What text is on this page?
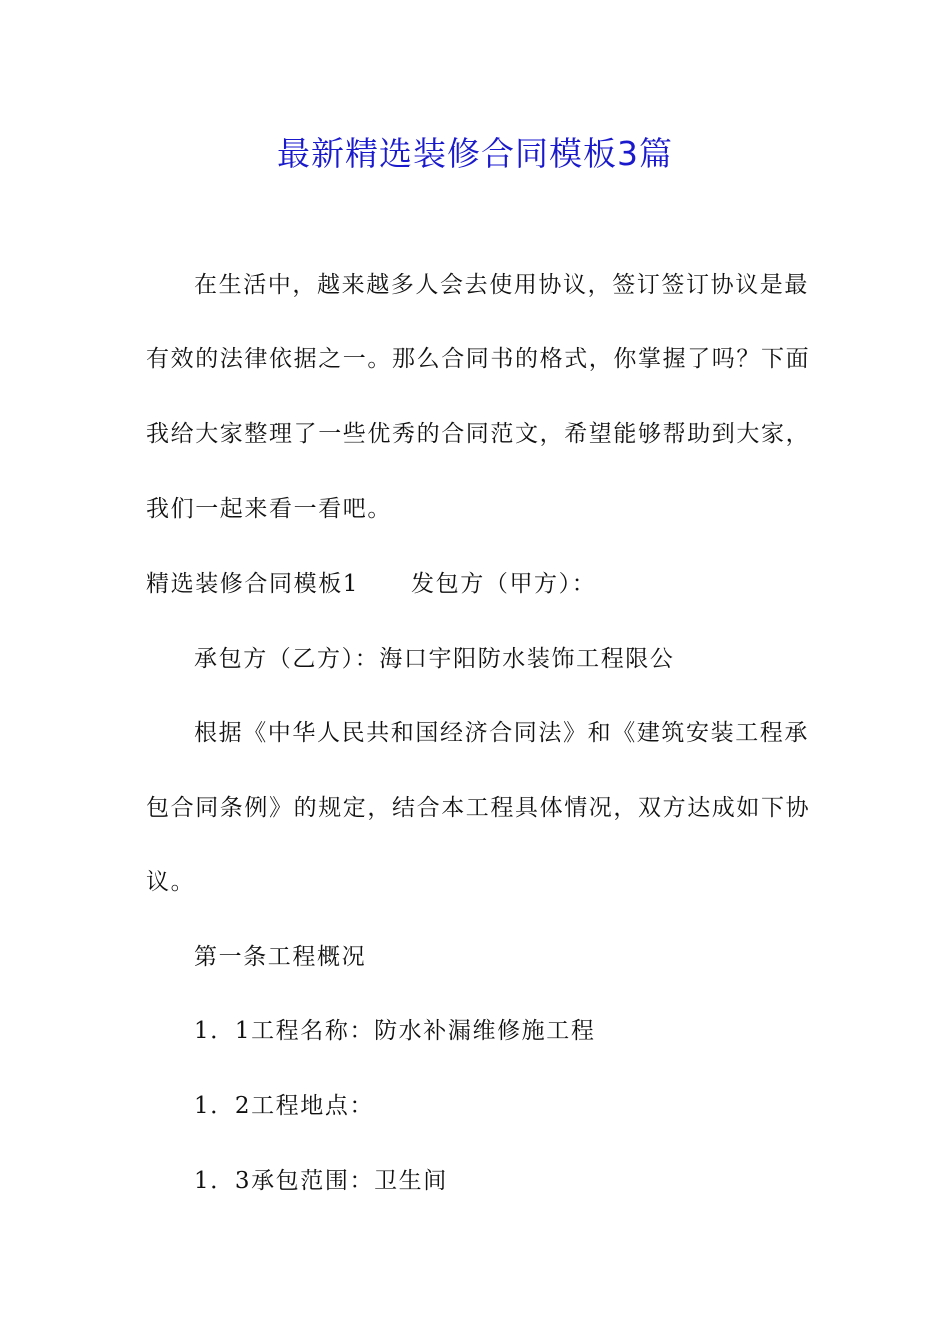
最新精选装修合同模板3篇

在生活中，越来越多人会去使用协议，签订签订协议是最

有效的法律依据之一。那么合同书的格式，你掌握了吗？下面

我给大家整理了一些优秀的合同范文，希望能够帮助到大家，

我们一起来看一看吧。

精选装修合同模板1 发包方（甲方）：

承包方（乙方）：海口宇阳防水装饰工程限公

根据《中华人民共和国经济合同法》和《建筑安装工程承

包合同条例》的规定，结合本工程具体情况，双方达成如下协

议。

第一条工程概况

1．1工程名称：防水补漏维修施工程

1．2工程地点：

1．3承包范围：卫生间
